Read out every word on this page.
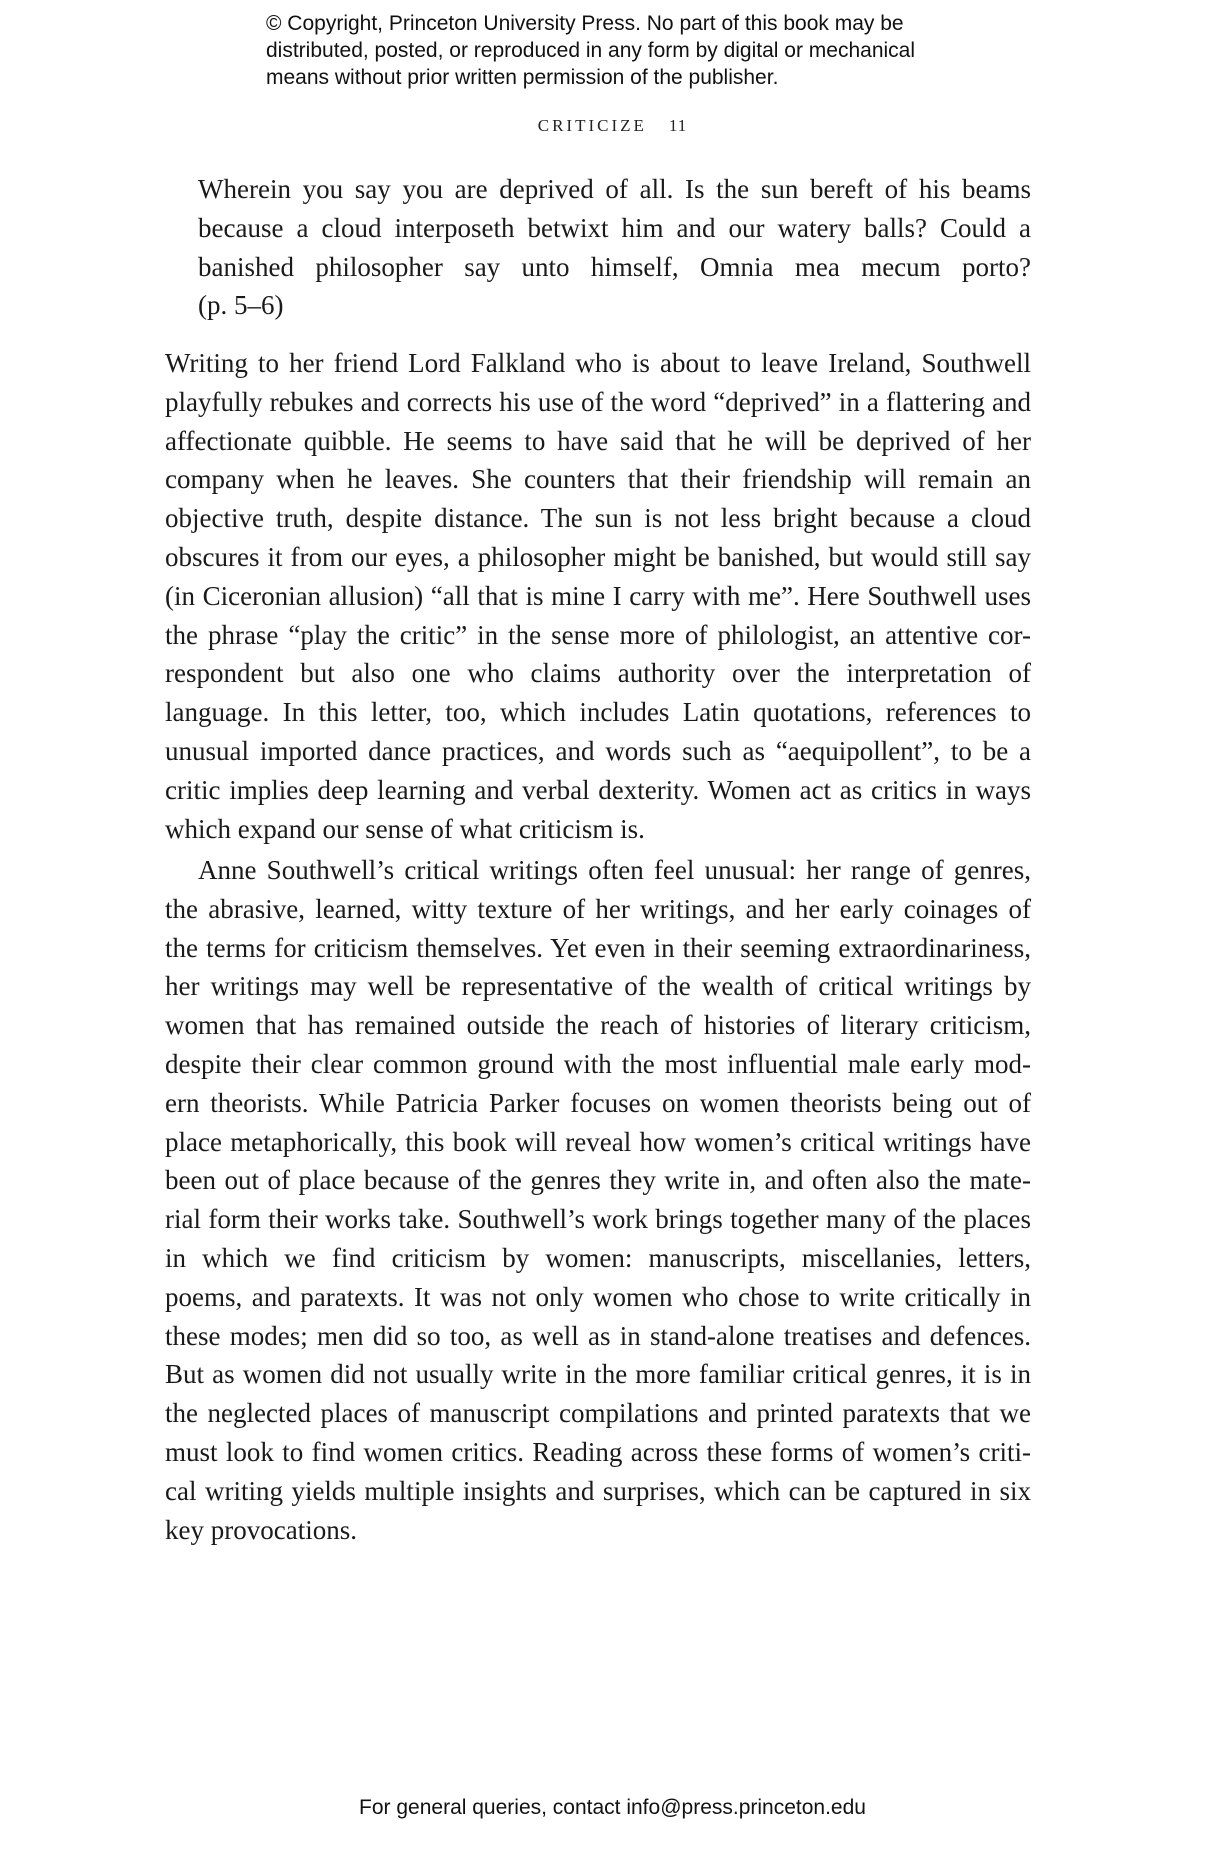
© Copyright, Princeton University Press. No part of this book may be
distributed, posted, or reproduced in any form by digital or mechanical
means without prior written permission of the publisher.
CRITICIZE 11
Wherein you say you are deprived of all. Is the sun bereft of his beams
because a cloud interposeth betwixt him and our watery balls? Could a
banished philosopher say unto himself, Omnia mea mecum porto?
(p. 5–6)
Writing to her friend Lord Falkland who is about to leave Ireland, Southwell
playfully rebukes and corrects his use of the word “deprived” in a flattering and
affectionate quibble. He seems to have said that he will be deprived of her
company when he leaves. She counters that their friendship will remain an
objective truth, despite distance. The sun is not less bright because a cloud
obscures it from our eyes, a philosopher might be banished, but would still say
(in Ciceronian allusion) “all that is mine I carry with me”. Here Southwell uses
the phrase “play the critic” in the sense more of philologist, an attentive cor-
respondent but also one who claims authority over the interpretation of
language. In this letter, too, which includes Latin quotations, references to
unusual imported dance practices, and words such as “aequipollent”, to be a
critic implies deep learning and verbal dexterity. Women act as critics in ways
which expand our sense of what criticism is.
Anne Southwell’s critical writings often feel unusual: her range of genres,
the abrasive, learned, witty texture of her writings, and her early coinages of
the terms for criticism themselves. Yet even in their seeming extraordinariness,
her writings may well be representative of the wealth of critical writings by
women that has remained outside the reach of histories of literary criticism,
despite their clear common ground with the most influential male early mod-
ern theorists. While Patricia Parker focuses on women theorists being out of
place metaphorically, this book will reveal how women’s critical writings have
been out of place because of the genres they write in, and often also the mate-
rial form their works take. Southwell’s work brings together many of the places
in which we find criticism by women: manuscripts, miscellanies, letters,
poems, and paratexts. It was not only women who chose to write critically in
these modes; men did so too, as well as in stand-alone treatises and defences.
But as women did not usually write in the more familiar critical genres, it is in
the neglected places of manuscript compilations and printed paratexts that we
must look to find women critics. Reading across these forms of women’s criti-
cal writing yields multiple insights and surprises, which can be captured in six
key provocations.
For general queries, contact info@press.princeton.edu
